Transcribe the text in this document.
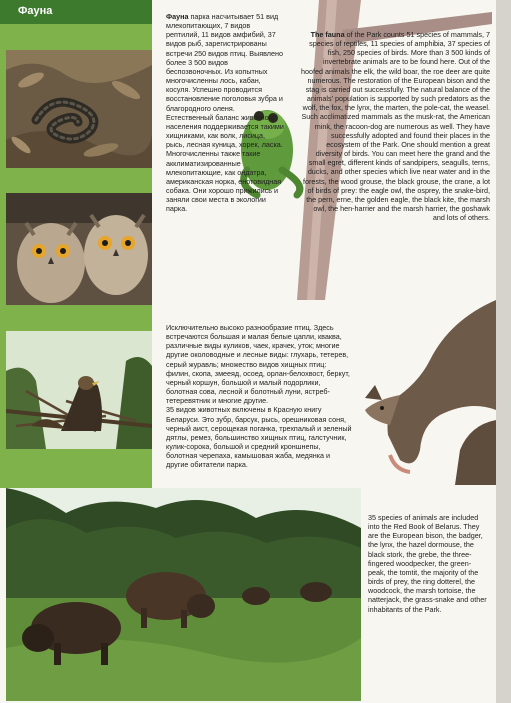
Фауна	Фауна парка насчитывает 51 вид млекопитающих, 7 видов рептилий, 11 видов амфибий, 37 видов рыб, зарегистрированы встречи 250 видов птиц. Выявлено более 3 500 видов беспозвоночных. Из копытных многочисленны лось, кабан, косуля. Успешно проводится восстановление поголовья зубра и благородного оленя. Естественный баланс животного населения поддерживается такими хищниками, как волк, лисица, рысь, лесная куница, хорек, ласка. Многочисленны также такие акклиматизированные млекопитающие, как ондатра, американская норка, енотовидная собака. Они хорошо прижились и заняли свои места в экологии парка.

The fauna of the Park counts 51 species of mammals, 7 species of reptiles, 11 species of amphibia, 37 species of fish, 250 species of birds. More than 3 500 kinds of invertebrate animals are to be found here. Out of the hoofed animals the elk, the wild boar, the roe deer are quite numerous. The restoration of the European bison and the stag is carried out successfully. The natural balance of the animals' population is supported by such predators as the wolf, the fox, the lynx, the marten, the pole-cat, the weasel. Such acclimatized mammals as the musk-rat, the American mink, the racoon-dog are numerous as well. They have successfully adopted and found their places in the ecosystem of the Park. One should mention a great diversity of birds. You can meet here the grand and the small egret, different kinds of sandpipers, seagulls, terns, ducks, and other species which live near water and in the forests, the wood grouse, the black grouse, the crane, a lot of birds of prey: the eagle owl, the osprey, the snake-bird, the pern, erne, the golden eagle, the black kite, the marsh owl, the hen-harrier and the marsh harrier, the goshawk and lots of others.

Исключительно высоко разнообразие птиц. Здесь встречаются большая и малая белые цапли, кваква, различные виды куликов, чаек, крачек, уток; многие другие околоводные и лесные виды: глухарь, тетерев, серый журавль; множество видов хищных птиц: филин, скопа, змееяд, осоед, орлан-белохвост, беркут, черный коршун, большой и малый подорлики, болотная сова, лесной и болотный луни, ястреб-тетеревятник и многие другие.

35 видов животных включены в Красную книгу Беларуси. Это зубр, барсук, рысь, орешниковая соня, черный аист, серощекая поганка, трехпалый и зеленый дятлы, ремез, большинство хищных птиц, галстучник, кулик-сорока, большой и средний кроншнепы, болотная черепаха, камышовая жаба, медянка и другие обитатели парка.

35 species of animals are included into the Red Book of Belarus. They are the European bison, the badger, the lynx, the hazel dormouse, the black stork, the grebe, the three-fingered woodpecker, the green-peak, the tomtit, the majority of the birds of prey, the ring dotterel, the woodcock, the marsh tortoise, the natterjack, the grass-snake and other inhabitants of the Park.
